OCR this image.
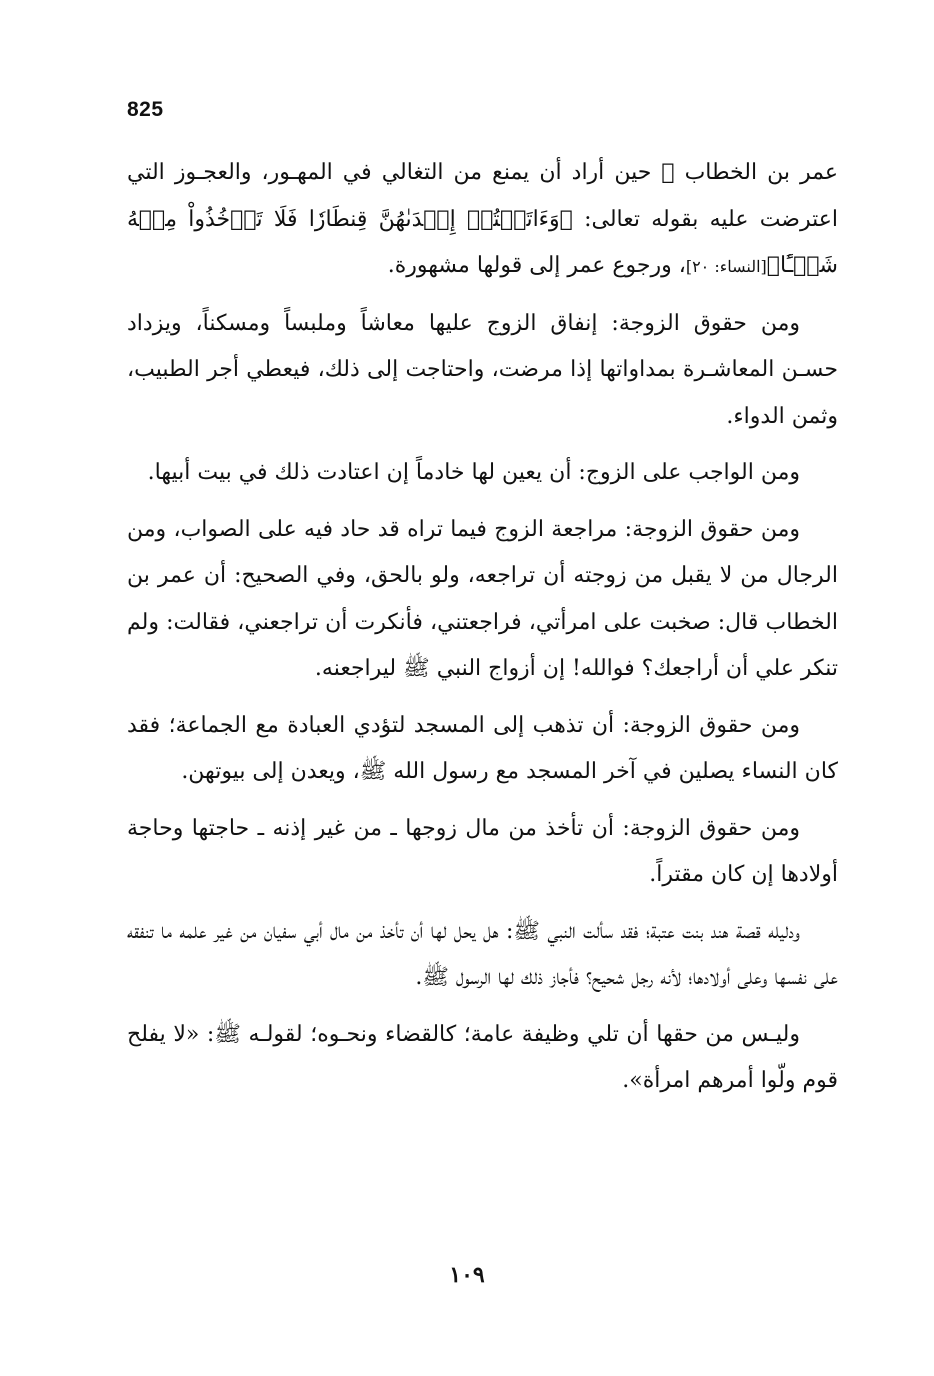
825

عمر بن الخطاب ﷺ حين أراد أن يمنع من التغالي في المهـور، والعجـوز التي اعترضت عليه بقوله تعالى: ﴿وَءَاتَيۡتُمۡ إِحۡدَىٰهُنَّ قِنطَارٗا فَلَا تَأۡخُذُواْ مِنۡهُ شَيۡـًٔا﴾[النساء: ٢٠]، ورجوع عمر إلى قولها مشهورة.

ومن حقوق الزوجة: إنفاق الزوج عليها معاشاً وملبساً ومسكناً، ويزداد حسـن المعاشـرة بمداواتها إذا مرضت، واحتاجت إلى ذلك، فيعطي أجر الطبيب، وثمن الدواء.

ومن الواجب على الزوج: أن يعين لها خادماً إن اعتادت ذلك في بيت أبيها.

ومن حقوق الزوجة: مراجعة الزوج فيما تراه قد حاد فيه على الصواب، ومن الرجال من لا يقبل من زوجته أن تراجعه، ولو بالحق، وفي الصحيح: أن عمر بن الخطاب قال: صخبت على امرأتي، فراجعتني، فأنكرت أن تراجعني، فقالت: ولم تنكر علي أن أراجعك؟ فوالله! إن أزواج النبي ﷺ ليراجعنه.

ومن حقوق الزوجة: أن تذهب إلى المسجد لتؤدي العبادة مع الجماعة؛ فقد كان النساء يصلين في آخر المسجد مع رسول الله ﷺ، ويعدن إلى بيوتهن.

ومن حقوق الزوجة: أن تأخذ من مال زوجها ـ من غير إذنه ـ حاجتها وحاجة أولادها إن كان مقتراً.

ودليله قصة هند بنت عتبة؛ فقد سألت النبي ﷺ: هل يحل لها أن تأخذ من مال أبي سفيان من غير علمه ما تنفقه على نفسها وعلى أولادها؛ لأنه رجل شحيح؟ فأجاز ذلك لها الرسول ﷺ.

وليـس من حقها أن تلي وظيفة عامة؛ كالقضاء ونحـوه؛ لقولـه ﷺ: «لا يفلح قوم ولّوا أمرهم امرأة».

١٠٩
